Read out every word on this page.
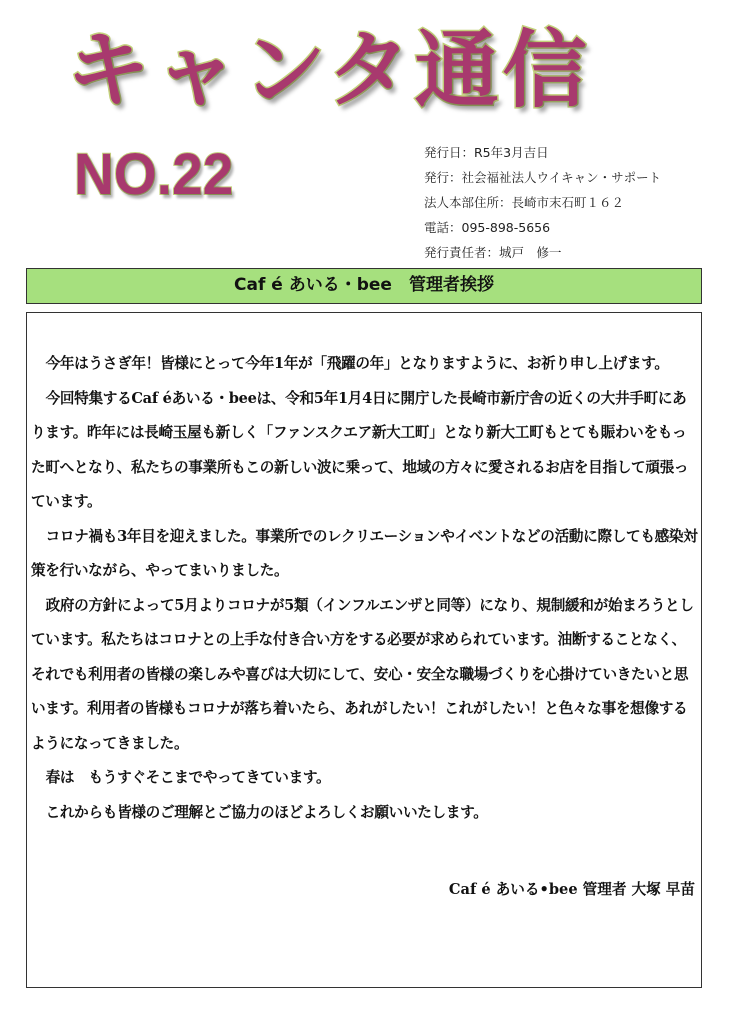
キャンタ通信
NO.22	発行日：R5年3月吉日
発行：社会福祉法人ウイキャン・サポート
法人本部住所：長崎市末石町１６２
電話：095-898-5656
発行責任者：城戸　修一
Caf é あいる・bee　管理者挨拶

今年はうさぎ年！皆様にとって今年1年が「飛躍の年」となりますように、お祈り申し上げます。

今回特集するCaf éあいる・beeは、令和5年1月4日に開庁した長崎市新庁舎の近くの大井手町にあります。昨年には長崎玉屋も新しく「ファンスクエア新大工町」となり新大工町もとても賑わいをもった町へとなり、私たちの事業所もこの新しい波に乗って、地域の方々に愛されるお店を目指して頑張っています。

コロナ禍も3年目を迎えました。事業所でのレクリエーションやイベントなどの活動に際しても感染対策を行いながら、やってまいりました。

政府の方針によって5月よりコロナが5類（インフルエンザと同等）になり、規制緩和が始まろうとしています。私たちはコロナとの上手な付き合い方をする必要が求められています。油断することなく、それでも利用者の皆様の楽しみや喜びは大切にして、安心・安全な職場づくりを心掛けていきたいと思います。利用者の皆様もコロナが落ち着いたら、あれがしたい！これがしたい！と色々な事を想像するようになってきました。

春は　もうすぐそこまでやってきています。

これからも皆様のご理解とご協力のほどよろしくお願いいたします。

Caf é あいる•bee 管理者 大塚 早苗
